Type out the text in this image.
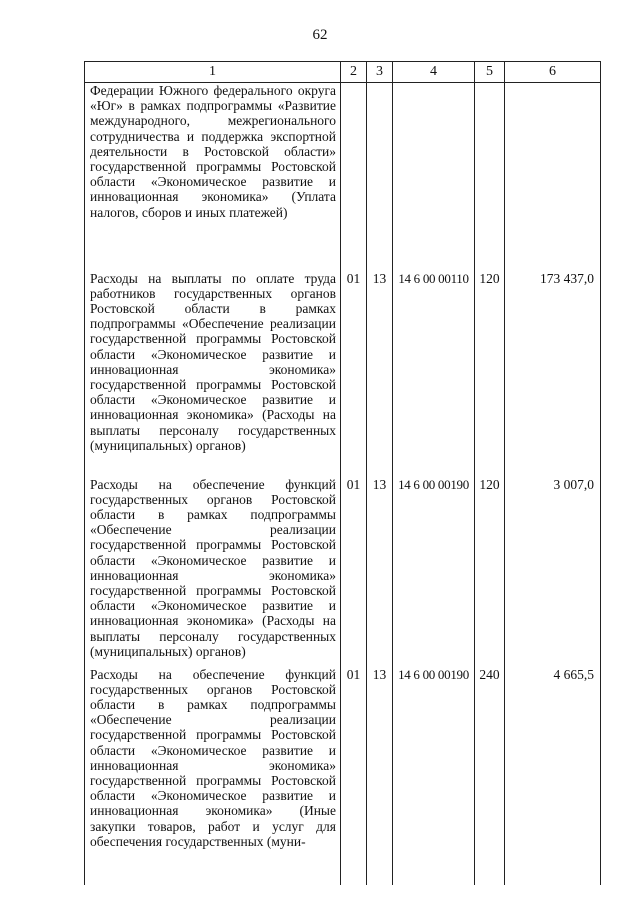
62
1	2	3	4	5	6
Федерации Южного федерального округа «Юг» в рамках подпрограммы «Развитие международного, межрегионального сотрудничества и поддержка экспортной деятельности в Ростовской области» государственной программы Ростовской области «Экономическое развитие и инновационная экономика» (Уплата налогов, сборов и иных платежей)					
Расходы на выплаты по оплате труда работников государственных органов Ростовской области в рамках подпрограммы «Обеспечение реализации государственной программы Ростовской области «Экономическое развитие и инновационная экономика» государственной программы Ростовской области «Экономическое развитие и инновационная экономика» (Расходы на выплаты персоналу государственных (муниципальных) органов)	01	13	14 6 00 00110	120	173 437,0
Расходы на обеспечение функций государственных органов Ростовской области в рамках подпрограммы «Обеспечение реализации государственной программы Ростовской области «Экономическое развитие и инновационная экономика» государственной программы Ростовской области «Экономическое развитие и инновационная экономика» (Расходы на выплаты персоналу государственных (муниципальных) органов)	01	13	14 6 00 00190	120	3 007,0
Расходы на обеспечение функций государственных органов Ростовской области в рамках подпрограммы «Обеспечение реализации государственной программы Ростовской области «Экономическое развитие и инновационная экономика» государственной программы Ростовской области «Экономическое развитие и инновационная экономика» (Иные закупки товаров, работ и услуг для обеспечения государственных (муни-	01	13	14 6 00 00190	240	4 665,5
